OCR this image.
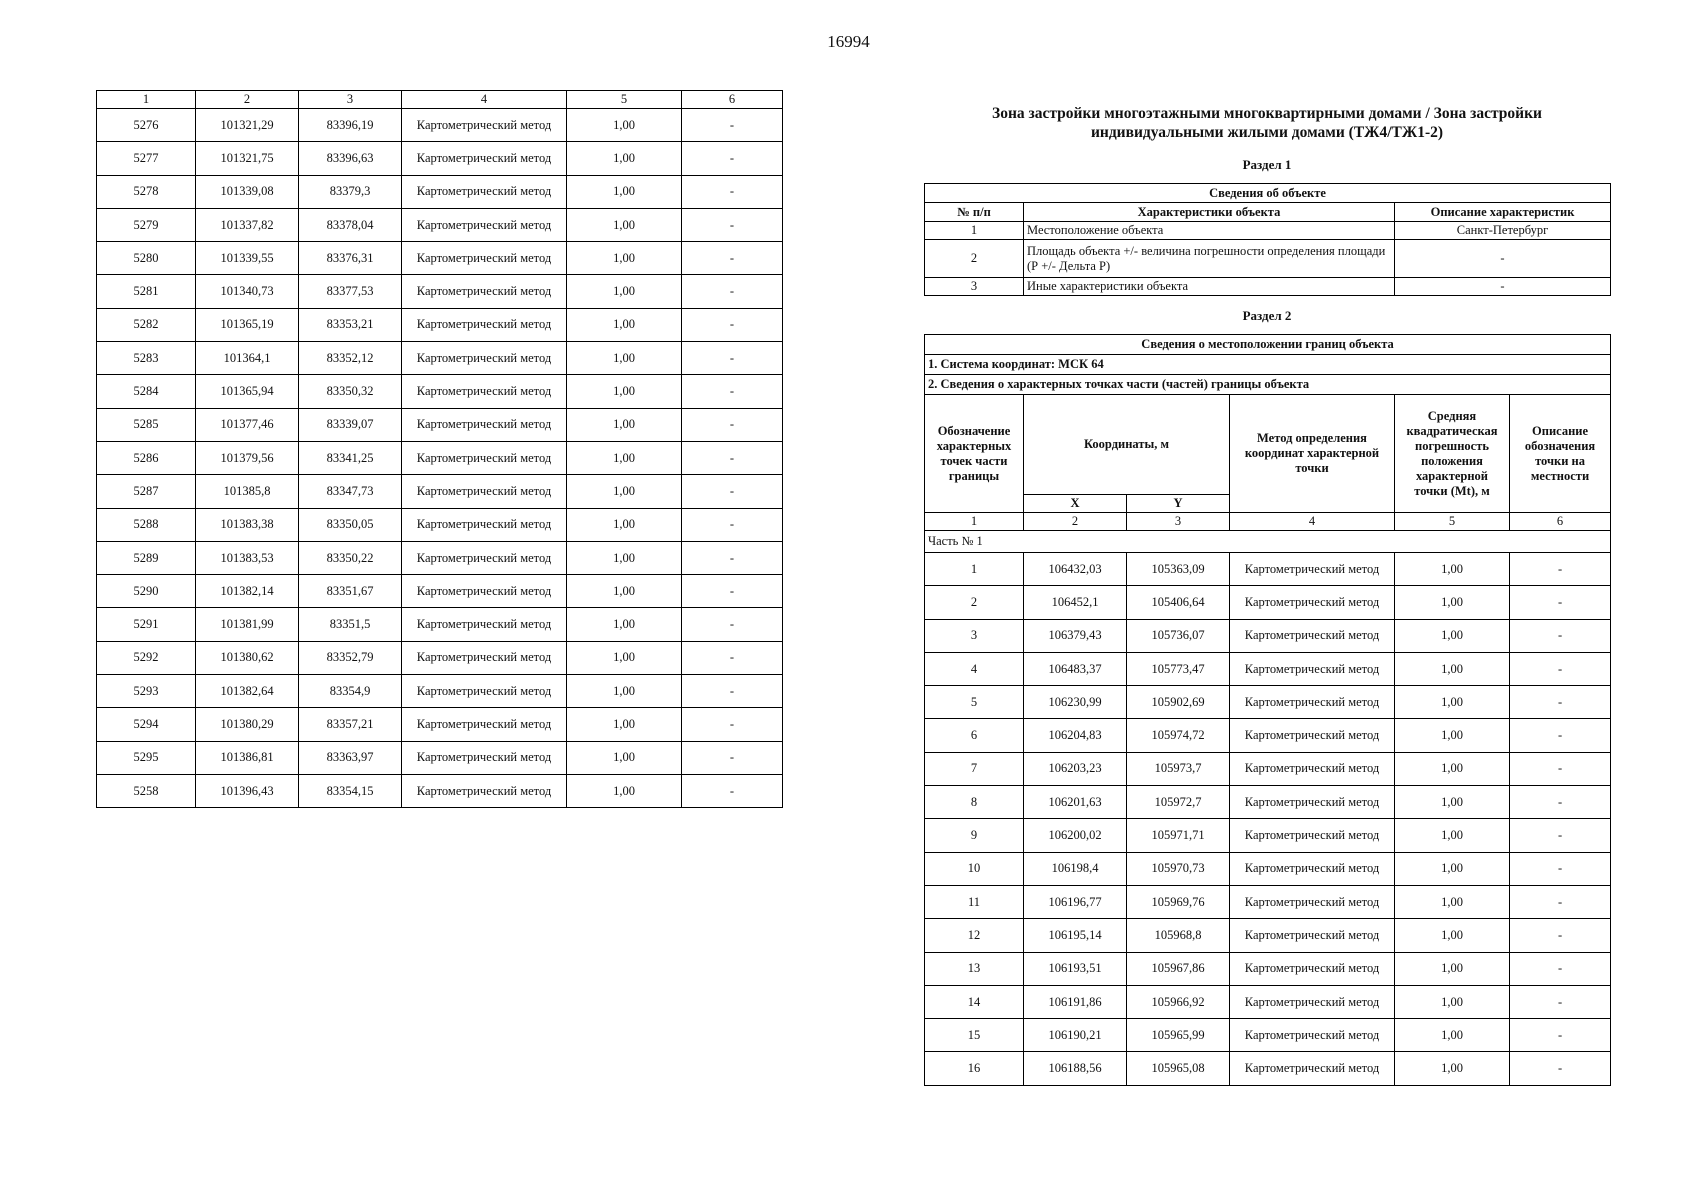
16994
1	2	3	4	5	6
5276	101321,29	83396,19	Картометрический метод	1,00	-
5277	101321,75	83396,63	Картометрический метод	1,00	-
5278	101339,08	83379,3	Картометрический метод	1,00	-
5279	101337,82	83378,04	Картометрический метод	1,00	-
5280	101339,55	83376,31	Картометрический метод	1,00	-
5281	101340,73	83377,53	Картометрический метод	1,00	-
5282	101365,19	83353,21	Картометрический метод	1,00	-
5283	101364,1	83352,12	Картометрический метод	1,00	-
5284	101365,94	83350,32	Картометрический метод	1,00	-
5285	101377,46	83339,07	Картометрический метод	1,00	-
5286	101379,56	83341,25	Картометрический метод	1,00	-
5287	101385,8	83347,73	Картометрический метод	1,00	-
5288	101383,38	83350,05	Картометрический метод	1,00	-
5289	101383,53	83350,22	Картометрический метод	1,00	-
5290	101382,14	83351,67	Картометрический метод	1,00	-
5291	101381,99	83351,5	Картометрический метод	1,00	-
5292	101380,62	83352,79	Картометрический метод	1,00	-
5293	101382,64	83354,9	Картометрический метод	1,00	-
5294	101380,29	83357,21	Картометрический метод	1,00	-
5295	101386,81	83363,97	Картометрический метод	1,00	-
5258	101396,43	83354,15	Картометрический метод	1,00	-
Зона застройки многоэтажными многоквартирными домами / Зона застройки индивидуальными жилыми домами (ТЖ4/ТЖ1-2)
Раздел 1
Сведения об объекте		
№ п/п	Характеристики объекта	Описание характеристик
1	Местоположение объекта	Санкт-Петербург
2	Площадь объекта +/- величина погрешности определения площади (Р +/- Дельта Р)	-
3	Иные характеристики объекта	-
Раздел 2
Сведения о местоположении границ объекта					
1. Система координат: МСК 64					
2. Сведения о характерных точках части (частей) границы объекта					
Обозначение характерных точек части границы	Координаты, м		Метод определения координат характерной точки	Средняя квадратическая погрешность положения характерной точки (Mt), м	Описание обозначения точки на местности
	X	Y			
1	2	3	4	5	6
Часть № 1					
1	106432,03	105363,09	Картометрический метод	1,00	-
2	106452,1	105406,64	Картометрический метод	1,00	-
3	106379,43	105736,07	Картометрический метод	1,00	-
4	106483,37	105773,47	Картометрический метод	1,00	-
5	106230,99	105902,69	Картометрический метод	1,00	-
6	106204,83	105974,72	Картометрический метод	1,00	-
7	106203,23	105973,7	Картометрический метод	1,00	-
8	106201,63	105972,7	Картометрический метод	1,00	-
9	106200,02	105971,71	Картометрический метод	1,00	-
10	106198,4	105970,73	Картометрический метод	1,00	-
11	106196,77	105969,76	Картометрический метод	1,00	-
12	106195,14	105968,8	Картометрический метод	1,00	-
13	106193,51	105967,86	Картометрический метод	1,00	-
14	106191,86	105966,92	Картометрический метод	1,00	-
15	106190,21	105965,99	Картометрический метод	1,00	-
16	106188,56	105965,08	Картометрический метод	1,00	-
